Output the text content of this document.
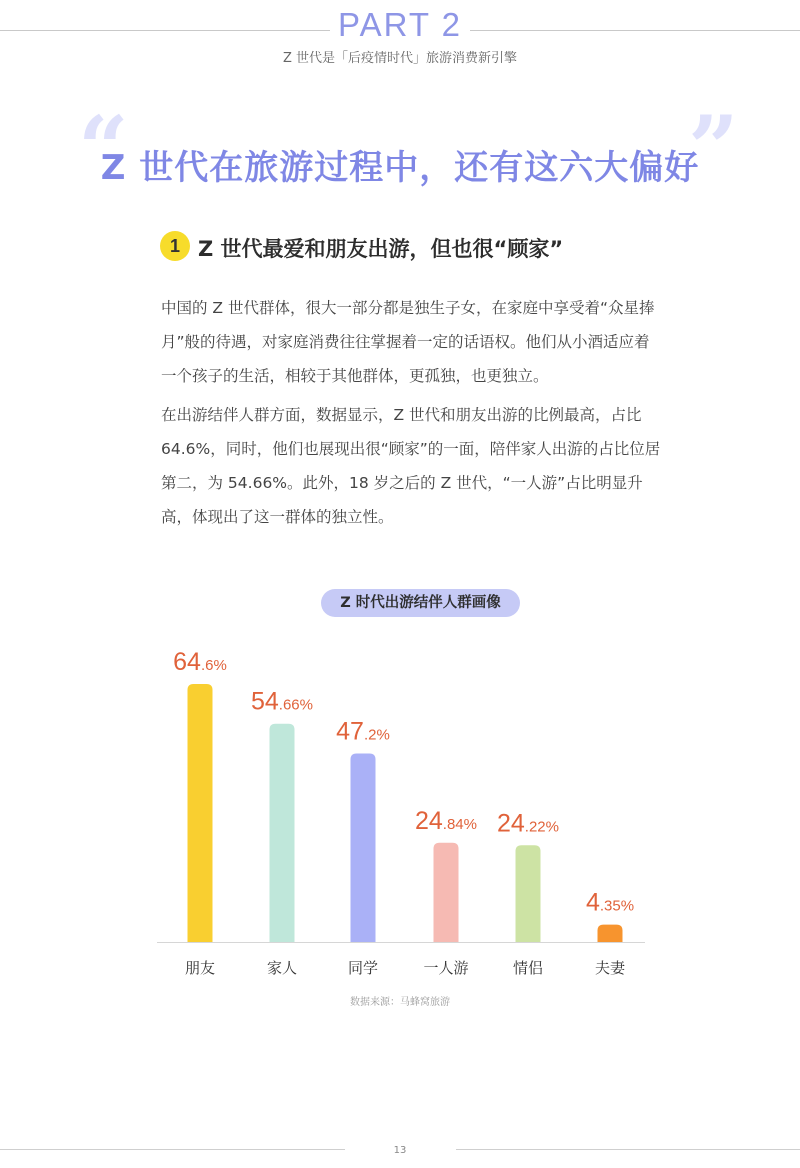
PART 2
Z 世代是「后疫情时代」旅游消费新引擎
“	”
Z 世代在旅游过程中，还有这六大偏好
1 Z 世代最爱和朋友出游，但也很“顾家”
中国的 Z 世代群体，很大一部分都是独生子女，在家庭中享受着“众星捧月”般的待遇，对家庭消费往往掌握着一定的话语权。他们从小酒适应着一个孩子的生活，相较于其他群体，更孤独，也更独立。
在出游结伴人群方面，数据显示，Z 世代和朋友出游的比例最高，占比 64.6%，同时，他们也展现出很“顾家”的一面，陪伴家人出游的占比位居第二，为 54.66%。此外，18 岁之后的 Z 世代，“一人游”占比明显升高，体现出了这一群体的独立性。
Z 时代出游结伴人群画像
64.6%
朋友
54.66%
家人
47.2%
同学
24.84%
一人游
24.22%
情侣
4.35%
夫妻
数据来源：马蜂窝旅游
13
